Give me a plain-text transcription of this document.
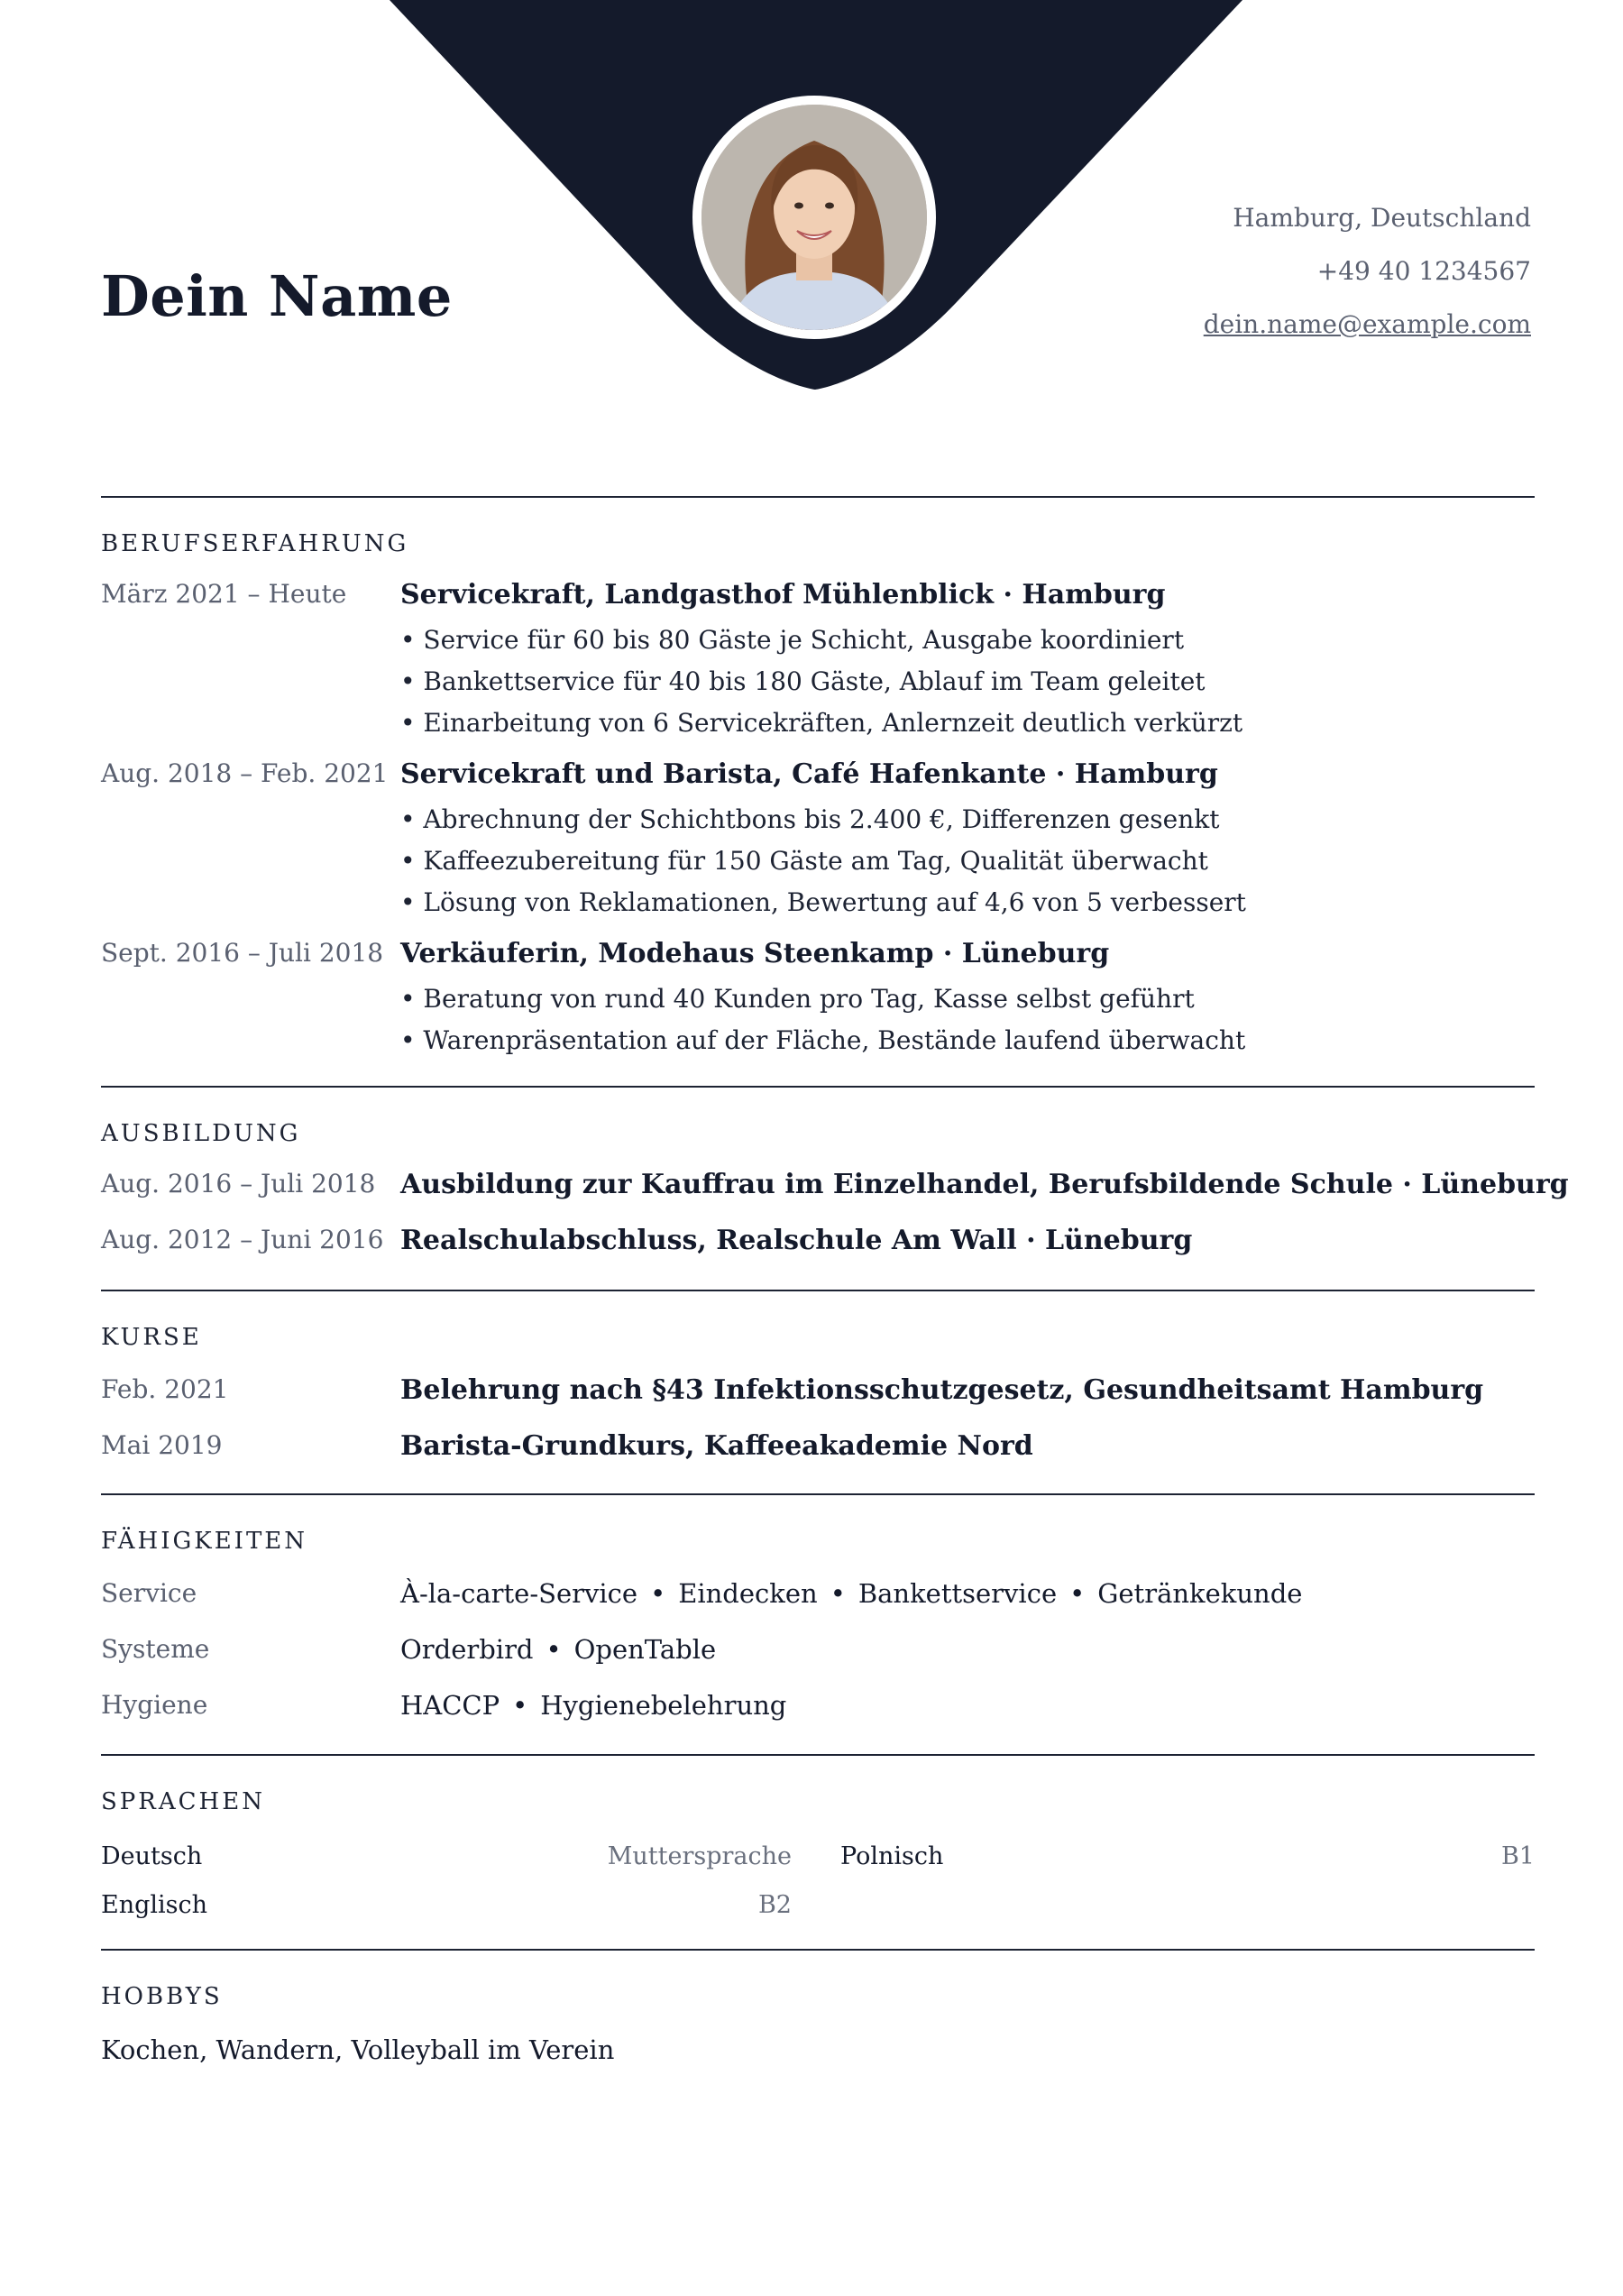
Dein Name
Hamburg, Deutschland
+49 40 1234567
dein.name@example.com
BERUFSERFAHRUNG
März 2021 – Heute Servicekraft, Landgasthof Mühlenblick · Hamburg
• Service für 60 bis 80 Gäste je Schicht, Ausgabe koordiniert
• Bankettservice für 40 bis 180 Gäste, Ablauf im Team geleitet
• Einarbeitung von 6 Servicekräften, Anlernzeit deutlich verkürzt
Aug. 2018 – Feb. 2021 Servicekraft und Barista, Café Hafenkante · Hamburg
• Abrechnung der Schichtbons bis 2.400 €, Differenzen gesenkt
• Kaffeezubereitung für 150 Gäste am Tag, Qualität überwacht
• Lösung von Reklamationen, Bewertung auf 4,6 von 5 verbessert
Sept. 2016 – Juli 2018 Verkäuferin, Modehaus Steenkamp · Lüneburg
• Beratung von rund 40 Kunden pro Tag, Kasse selbst geführt
• Warenpräsentation auf der Fläche, Bestände laufend überwacht
AUSBILDUNG
Aug. 2016 – Juli 2018 Ausbildung zur Kauffrau im Einzelhandel, Berufsbildende Schule · Lüneburg
Aug. 2012 – Juni 2016 Realschulabschluss, Realschule Am Wall · Lüneburg
KURSE
Feb. 2021	Belehrung nach §43 Infektionsschutzgesetz, Gesundheitsamt Hamburg
Mai 2019	Barista-Grundkurs, Kaffeeakademie Nord
FÄHIGKEITEN
Service	À-la-carte-Service • Eindecken • Bankettservice • Getränkekunde
Systeme	Orderbird • OpenTable
Hygiene	HACCP • Hygienebelehrung
SPRACHEN
Deutsch	Muttersprache Polnisch	B1
Englisch	B2
HOBBYS
Kochen, Wandern, Volleyball im Verein
